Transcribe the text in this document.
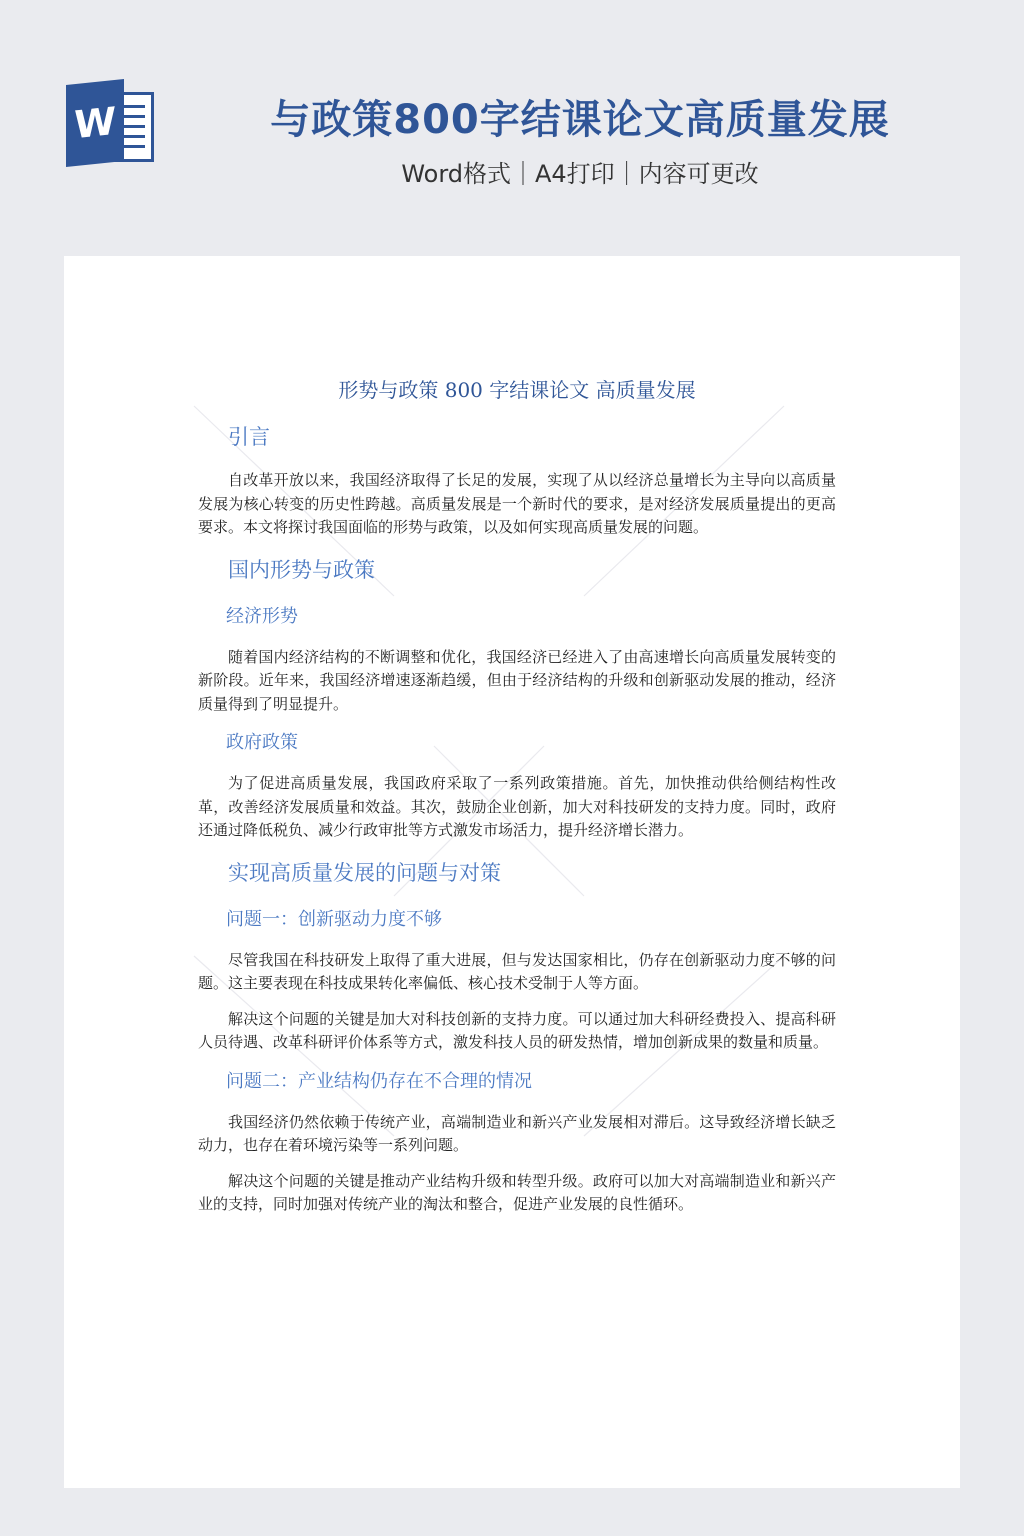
W	与政策800字结课论文高质量发展
Word格式｜A4打印｜内容可更改
形势与政策 800 字结课论文 高质量发展
引言

自改革开放以来，我国经济取得了长足的发展，实现了从以经济总量增长为主导向以高质量发展为核心转变的历史性跨越。高质量发展是一个新时代的要求，是对经济发展质量提出的更高要求。本文将探讨我国面临的形势与政策，以及如何实现高质量发展的问题。

国内形势与政策
经济形势

随着国内经济结构的不断调整和优化，我国经济已经进入了由高速增长向高质量发展转变的新阶段。近年来，我国经济增速逐渐趋缓，但由于经济结构的升级和创新驱动发展的推动，经济质量得到了明显提升。

政府政策

为了促进高质量发展，我国政府采取了一系列政策措施。首先，加快推动供给侧结构性改革，改善经济发展质量和效益。其次，鼓励企业创新，加大对科技研发的支持力度。同时，政府还通过降低税负、减少行政审批等方式激发市场活力，提升经济增长潜力。

实现高质量发展的问题与对策
问题一：创新驱动力度不够

尽管我国在科技研发上取得了重大进展，但与发达国家相比，仍存在创新驱动力度不够的问题。这主要表现在科技成果转化率偏低、核心技术受制于人等方面。

解决这个问题的关键是加大对科技创新的支持力度。可以通过加大科研经费投入、提高科研人员待遇、改革科研评价体系等方式，激发科技人员的研发热情，增加创新成果的数量和质量。

问题二：产业结构仍存在不合理的情况

我国经济仍然依赖于传统产业，高端制造业和新兴产业发展相对滞后。这导致经济增长缺乏动力，也存在着环境污染等一系列问题。

解决这个问题的关键是推动产业结构升级和转型升级。政府可以加大对高端制造业和新兴产业的支持，同时加强对传统产业的淘汰和整合，促进产业发展的良性循环。
